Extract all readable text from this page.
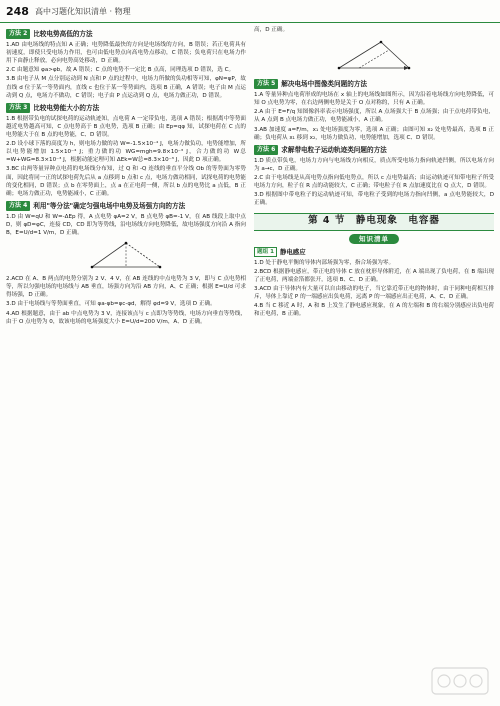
248 高中习题化知识清单 · 物理
方法 2 比较电势高低的方法

1.AD 由电场线的特点知 A 正确；电势降低最快的方向是电场线的方向，B 错误；若正电荷具有初速度，即使只受电场力作用，也可由低电势点向高电势点移动，C 错误；负电荷只在电场力作用下由静止释放，必向电势高处移动，D 正确。

2.C 由题意知 φa>φb，故 A 错误；C 点的电势不一定比 B 点高，同理选项 D 错误，选 C。

3.B 由电子从 M 点分别运动到 N 点和 P 点的过程中，电场力所做的负功相等可知，φN=φP，故直线 d 位于某一等势面内，直线 c 也位于某一等势面内，选项 B 正确，A 错误；电子由 M 点运动到 Q 点，电场力不做功，C 错误；电子由 P 点运动到 Q 点，电场力做正功，D 错误。

方法 3 比较电势能大小的方法

1.B 根据带负电的试探电荷的运动轨迹知，点电荷 A 一定带负电，选项 A 错误；根据离中等势面越近电势越高可知，C 点电势高于 B 点电势，选项 B 正确；由 Ep=qφ 知，试探电荷在 C 点的电势能大于在 B 点的电势能，C、D 错误。

2.D 设小球下落的高度为 h，则电场力做的功 W=-1.5×10⁻⁴ J，电场力做负功，电势能增加，所以电势能增加 1.5×10⁻⁴ J；重力做的功 WG=mgh=9.8×10⁻³ J，合力做的功 W总=W+WG=8.3×10⁻³ J，根据动能定理可知 ΔEk=W总=8.3×10⁻³ J，因此 D 项正确。

3.BC 由两等量异种点电荷的电场线分布知，过 Q 和 -Q 连线的垂直平分线 Ob 的等势面为零势面，因此将同一正的试探电荷先后从 a 点移到 b 点和 c 点，电场力做功相同，试探电荷的电势能的变化相同，D 错误；点 b 在零势面上，点 a 在正电荷一侧，所以 b 点的电势比 a 点低，B 正确；电场力做正功，电势能减小，C 正确。

方法 4 利用"等分法"确定匀强电场中电势及场强方向的方法

1.D 由 W=qU 和 W=-ΔEp 得，A 点电势 φA=2 V，B 点电势 φB=-1 V，在 AB 线段上取中点 D，则 φD=φC，连接 CD，CD 即为等势线，沿电场线方向电势降低，故电场强度方向沿 A 指向 B，E=U/d=1 V/m，D 正确。

2.ACD 在 A、B 两点的电势分别为 2 V、4 V，在 AB 连线的中点电势为 3 V，即与 C 点电势相等，所以匀强电场的电场线与 AB 垂直，场强方向为沿 AB 方向，A、C 正确；根据 E=U/d 可求得场强，D 正确。

3.D 由于电场线与等势面垂直，可知 φa-φb=φc-φd，解得 φd=9 V，选项 D 正确。

4.AD 根据题意，由于 ab 中点电势为 3 V，连接该点与 c 点即为等势线，电场方向垂直等势线，由于 O 点电势为 0，故该电场的电场强度大小 E=U/d=200 V/m，A、D 正确。

高，D 正确。

方法 5 解决电场中图像类问题的方法

1.A 等量异种点电荷形成的电场在 x 轴上的电场线如图所示，因为沿着电场线方向电势降低，可知 O 点电势为零，在右边两侧电势是关于 O 点对称的，只有 A 正确。

2.A 由于 E=F/q 知图像斜率表示电场强度，所以 A 点场强大于 B 点场强；由于点电荷带负电，从 A 点到 B 点电场力做正功，电势能减小，A 正确。

3.AB 加速度 a=F/m，x₁ 处电场强度为零，选项 A 正确；由图可知 x₂ 处电势最高，选项 B 正确；负电荷从 x₁ 移到 x₂，电场力做负功，电势能增加，选项 C、D 错误。

方法 6 求解带电粒子运动轨迹类问题的方法

1.D 质点带负电，电场力方向与电场线方向相反，质点所受电场力指向轨迹凹侧，所以电场方向为 a→c，D 正确。

2.C 由于电场线是从高电势点指向低电势点，所以 c 点电势最高；由运动轨迹可知带电粒子所受电场力方向，粒子在 R 点的动能较大，C 正确；带电粒子在 R 点加速度比在 Q 点大，D 错误。

3.D 根据图中带电粒子的运动轨迹可知，带电粒子受到的电场力指向凹侧，a 点电势能较大，D 正确。

第 4 节　静电现象　电容器
知识清单
题组 1 静电感应

1.D 处于静电平衡的导体内部场强为零，指合场强为零。

2.BCD 根据静电感应，带正电的导体 C 放在枕形导体附近，在 A 端出现了负电荷，在 B 端出现了正电荷，两端金箔都张开，选项 B、C、D 正确。

3.ACD 由于导体内有大量可以自由移动的电子，当它靠近带正电的物体时，由于同种电荷相互排斥，导体上靠近 P 的一端感应出负电荷，远离 P 的一端感应出正电荷，A、C、D 正确。

4.B 当 C 移近 A 时，A 和 B 上发生了静电感应现象，在 A 的左端和 B 的右端分别感应出负电荷和正电荷，B 正确。
